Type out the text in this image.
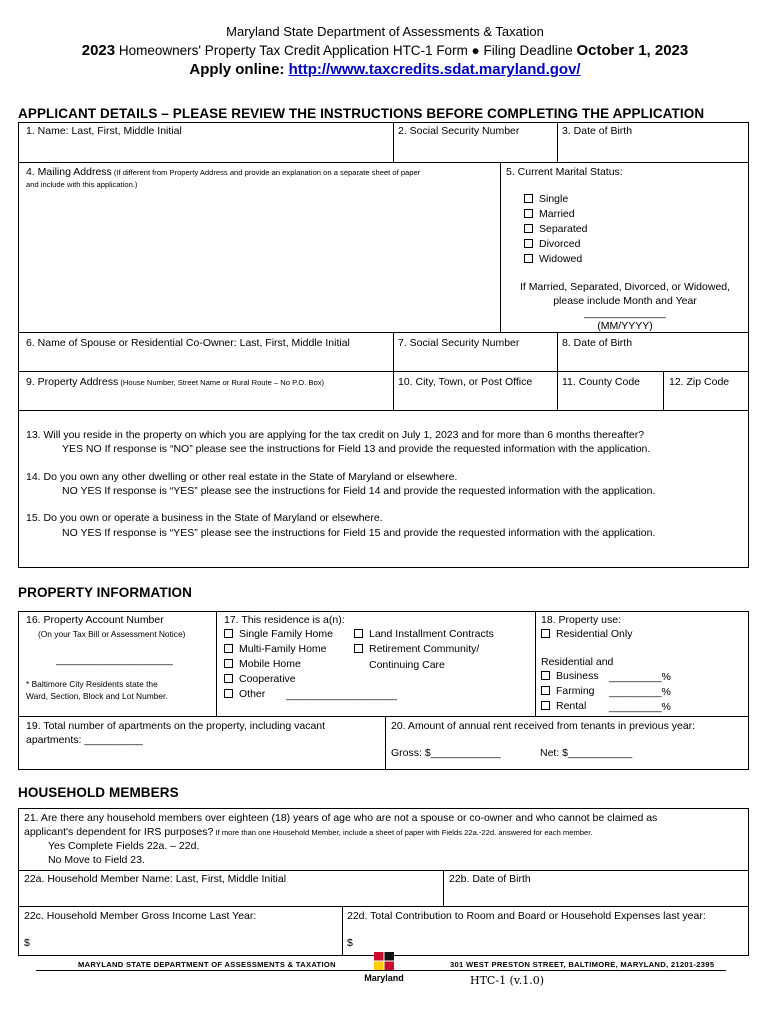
Maryland State Department of Assessments & Taxation
2023 Homeowners' Property Tax Credit Application HTC-1 Form ● Filing Deadline October 1, 2023
Apply online: http://www.taxcredits.sdat.maryland.gov/
APPLICANT DETAILS – PLEASE REVIEW THE INSTRUCTIONS BEFORE COMPLETING THE APPLICATION
1. Name: Last, First, Middle Initial	2. Social Security Number	3. Date of Birth
4. Mailing Address (If different from Property Address and provide an explanation on a separate sheet of paper
and include with this application.)
5. Current Marital Status:
Single
Married
Separated
Divorced
Widowed
If Married, Separated, Divorced, or Widowed,
please include Month and Year
______________
(MM/YYYY)
6. Name of Spouse or Residential Co-Owner: Last, First, Middle Initial	7. Social Security Number	8. Date of Birth
9. Property Address (House Number, Street Name or Rural Route – No P.O. Box)	10. City, Town, or Post Office	11. County Code	12. Zip Code
13. Will you reside in the property on which you are applying for the tax credit on July 1, 2023 and for more than 6 months thereafter?
YES NO If response is “NO” please see the instructions for Field 13 and provide the requested information with the application.
14. Do you own any other dwelling or other real estate in the State of Maryland or elsewhere.
NO YES If response is “YES” please see the instructions for Field 14 and provide the requested information with the application.
15. Do you own or operate a business in the State of Maryland or elsewhere.
NO YES If response is “YES” please see the instructions for Field 15 and provide the requested information with the application.
PROPERTY INFORMATION
16. Property Account Number
(On your Tax Bill or Assessment Notice)
____________________
* Baltimore City Residents state the
Ward, Section, Block and Lot Number.
17. This residence is a(n):
Single Family Home
Multi-Family Home
Mobile Home
Cooperative
Other ___________________
Land Installment Contracts
Retirement Community/
Continuing Care
18. Property use:
Residential Only
Residential and
Business _________%
Farming _________%
Rental _________%
19. Total number of apartments on the property, including vacant
apartments: __________
20. Amount of annual rent received from tenants in previous year:
Gross: $____________	Net: $___________
HOUSEHOLD MEMBERS
21. Are there any household members over eighteen (18) years of age who are not a spouse or co-owner and who cannot be claimed as
applicant's dependent for IRS purposes? If more than one Household Member, include a sheet of paper with Fields 22a.-22d. answered for each member.
Yes Complete Fields 22a. – 22d.
No Move to Field 23.
22a. Household Member Name: Last, First, Middle Initial	22b. Date of Birth
22c. Household Member Gross Income Last Year:	22d. Total Contribution to Room and Board or Household Expenses last year:
$	$
MARYLAND STATE DEPARTMENT OF ASSESSMENTS & TAXATION	301 WEST PRESTON STREET, BALTIMORE, MARYLAND, 21201-2395
Maryland	HTC-1 (v.1.0)
